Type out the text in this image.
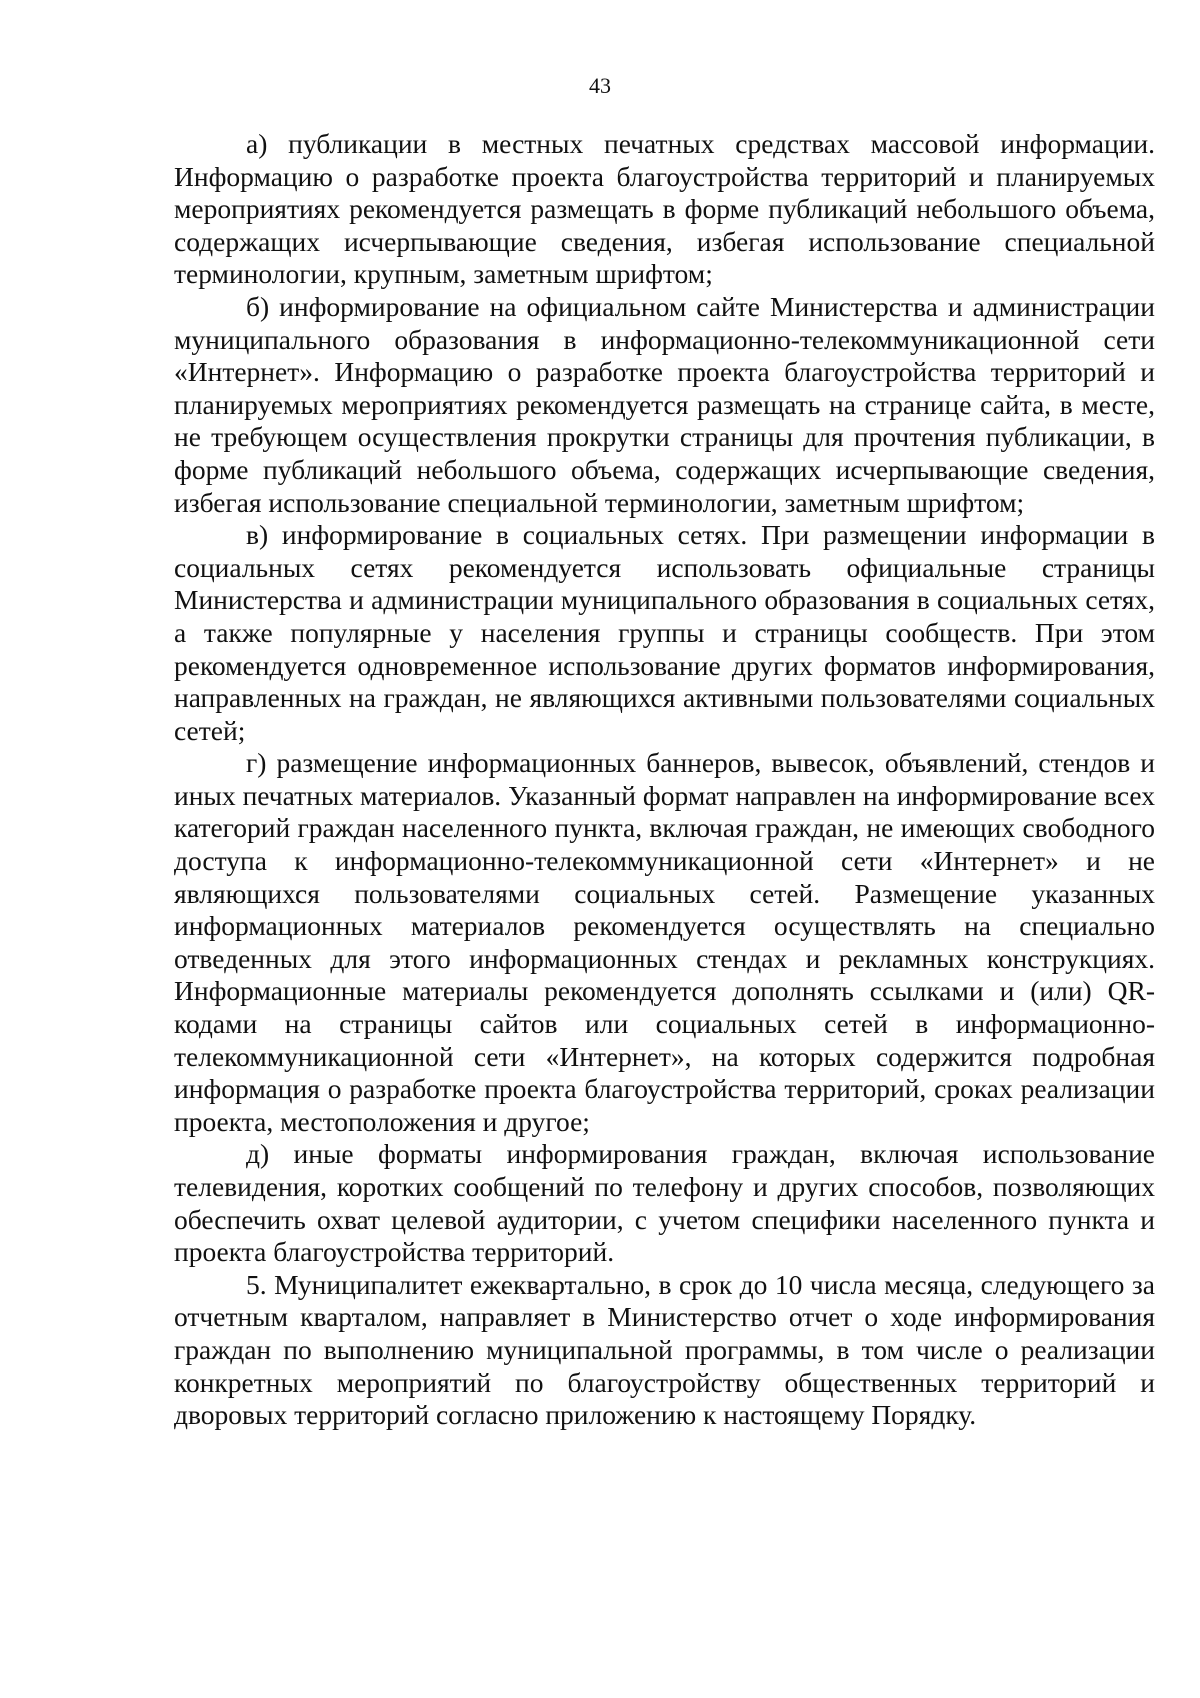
43

а) публикации в местных печатных средствах массовой информации. Информацию о разработке проекта благоустройства территорий и планируемых мероприятиях рекомендуется размещать в форме публикаций небольшого объема, содержащих исчерпывающие сведения, избегая использование специальной терминологии, крупным, заметным шрифтом;

б) информирование на официальном сайте Министерства и администрации муниципального образования в информационно-телекоммуникационной сети «Интернет». Информацию о разработке проекта благоустройства территорий и планируемых мероприятиях рекомендуется размещать на странице сайта, в месте, не требующем осуществления прокрутки страницы для прочтения публикации, в форме публикаций небольшого объема, содержащих исчерпывающие сведения, избегая использование специальной терминологии, заметным шрифтом;

в) информирование в социальных сетях. При размещении информации в социальных сетях рекомендуется использовать официальные страницы Министерства и администрации муниципального образования в социальных сетях, а также популярные у населения группы и страницы сообществ. При этом рекомендуется одновременное использование других форматов информирования, направленных на граждан, не являющихся активными пользователями социальных сетей;

г) размещение информационных баннеров, вывесок, объявлений, стендов и иных печатных материалов. Указанный формат направлен на информирование всех категорий граждан населенного пункта, включая граждан, не имеющих свободного доступа к информационно-телекоммуникационной сети «Интернет» и не являющихся пользователями социальных сетей. Размещение указанных информационных материалов рекомендуется осуществлять на специально отведенных для этого информационных стендах и рекламных конструкциях. Информационные материалы рекомендуется дополнять ссылками и (или) QR-кодами на страницы сайтов или социальных сетей в информационно-телекоммуникационной сети «Интернет», на которых содержится подробная информация о разработке проекта благоустройства территорий, сроках реализации проекта, местоположения и другое;

д) иные форматы информирования граждан, включая использование телевидения, коротких сообщений по телефону и других способов, позволяющих обеспечить охват целевой аудитории, с учетом специфики населенного пункта и проекта благоустройства территорий.

5. Муниципалитет ежеквартально, в срок до 10 числа месяца, следующего за отчетным кварталом, направляет в Министерство отчет о ходе информирования граждан по выполнению муниципальной программы, в том числе о реализации конкретных мероприятий по благоустройству общественных территорий и дворовых территорий согласно приложению к настоящему Порядку.
